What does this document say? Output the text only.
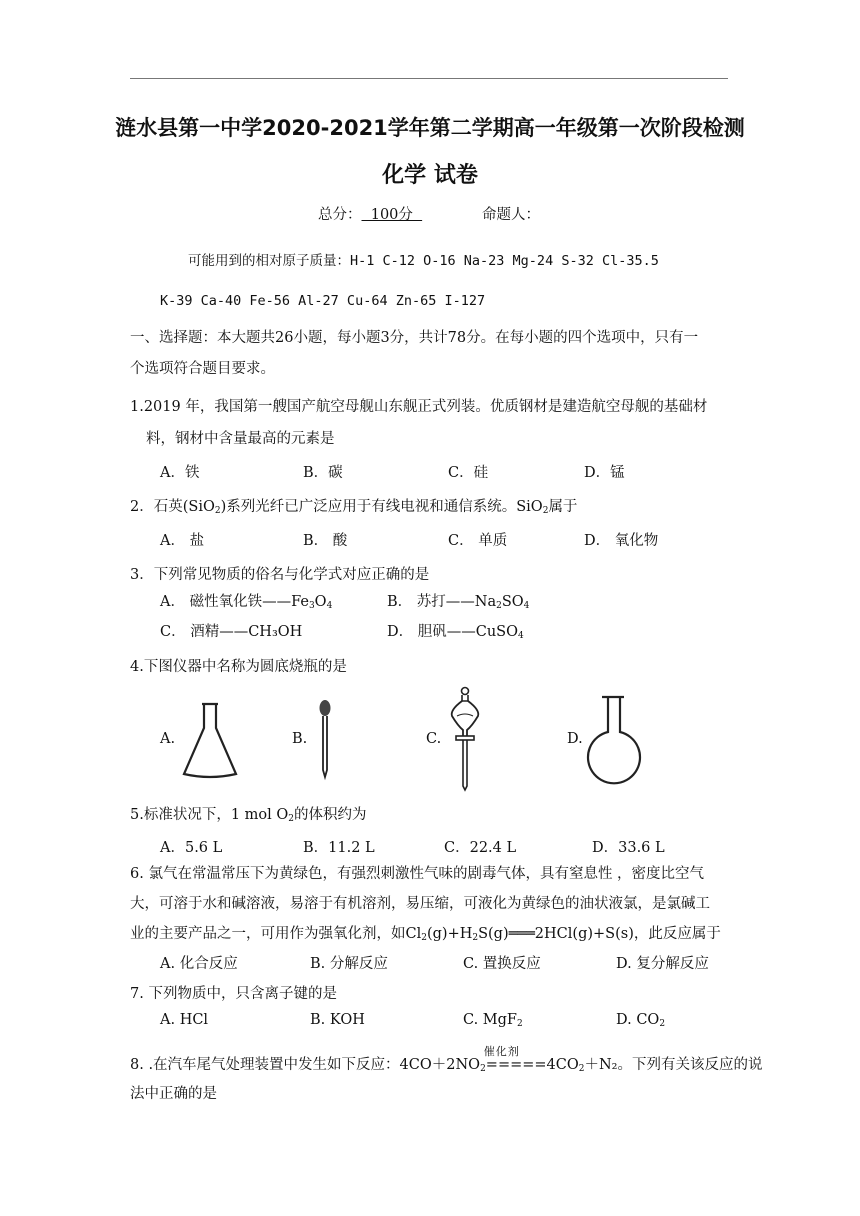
涟水县第一中学2020-2021学年第二学期高一年级第一次阶段检测
化学 试卷
总分：  100分	命题人：
可能用到的相对原子质量：H-1 C-12 O-16 Na-23 Mg-24 S-32 Cl-35.5
K-39 Ca-40 Fe-56 Al-27 Cu-64 Zn-65 I-127
一、选择题：本大题共26小题，每小题3分，共计78分。在每小题的四个选项中，只有一
个选项符合题目要求。
1.2019 年，我国第一艘国产航空母舰山东舰正式列装。优质钢材是建造航空母舰的基础材
料，钢材中含量最高的元素是
A．铁	B．碳	C．硅	D．锰
2．石英(SiO$_2$)系列光纤已广泛应用于有线电视和通信系统。SiO$_2$属于
A． 盐	B． 酸	C． 单质	D． 氧化物
3．下列常见物质的俗名与化学式对应正确的是
A． 磁性氧化铁$——Fe_3O_4$	B． 苏打$——Na_2SO_4$
C． 酒精——CH₃OH	D． 胆矾——CuSO$_4$
4.下图仪器中名称为圆底烧瓶的是
A.	B.	C.	D.
5.标准状况下，1 mol $O_2$的体积约为
A．5.6 L	B．11.2 L	C．22.4 L	D．33.6 L
6. 氯气在常温常压下为黄绿色，有强烈刺激性气味的剧毒气体，具有窒息性 ，密度比空气
大，可溶于水和碱溶液，易溶于有机溶剂，易压缩，可液化为黄绿色的油状液氯，是氯碱工
业的主要产品之一，可用作为强氧化剂，如$Cl_2(g)+H_2S(g)═══2HCl(g)+S(s)$，此反应属于
A. 化合反应	B. 分解反应	C. 置换反应	D. 复分解反应
7. 下列物质中，只含离子键的是
A. HCl	B. KOH	C. MgF$_2$	D. $CO_2$
8. .在汽车尾气处理装置中发生如下反应：$4CO+2NO_2$
催化剂
$=====4CO_2+N_2$。下列有关该反应的说
法中正确的是
